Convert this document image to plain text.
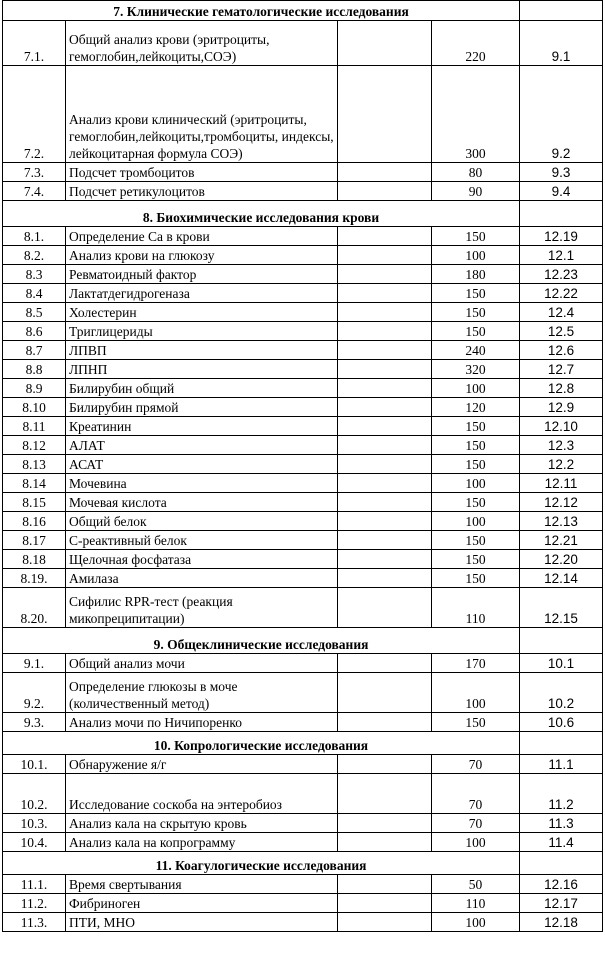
7. Клинические гематологические исследования				
7.1.	Общий анализ крови (эритроциты, гемоглобин,лейкоциты,СОЭ)		220	9.1
7.2.	Анализ крови клинический (эритроциты, гемоглобин,лейкоциты,тромбоциты, индексы, лейкоцитарная формула СОЭ)		300	9.2
7.3.	Подсчет тромбоцитов		80	9.3
7.4.	Подсчет ретикулоцитов		90	9.4
8. Биохимические исследования крови				
8.1.	Определение Са в крови		150	12.19
8.2.	Анализ крови на глюкозу		100	12.1
8.3	Ревматоидный фактор		180	12.23
8.4	Лактатдегидрогеназа		150	12.22
8.5	Холестерин		150	12.4
8.6	Триглицериды		150	12.5
8.7	ЛПВП		240	12.6
8.8	ЛПНП		320	12.7
8.9	Билирубин общий		100	12.8
8.10	Билирубин прямой		120	12.9
8.11	Креатинин		150	12.10
8.12	АЛАТ		150	12.3
8.13	АСАТ		150	12.2
8.14	Мочевина		100	12.11
8.15	Мочевая кислота		150	12.12
8.16	Общий белок		100	12.13
8.17	С-реактивный белок		150	12.21
8.18	Щелочная фосфатаза		150	12.20
8.19.	Амилаза		150	12.14
8.20.	Сифилис RPR-тест (реакция микопреципитации)		110	12.15
9. Общеклинические исследования				
9.1.	Общий анализ мочи		170	10.1
9.2.	Определение глюкозы в моче (количественный метод)		100	10.2
9.3.	Анализ мочи по Ничипоренко		150	10.6
10. Копрологические исследования				
10.1.	Обнаружение я/г		70	11.1
10.2.	Исследование соскоба на энтеробиоз		70	11.2
10.3.	Анализ кала на скрытую кровь		70	11.3
10.4.	Анализ кала на копрограмму		100	11.4
11. Коагулогические исследования				
11.1.	Время свертывания		50	12.16
11.2.	Фибриноген		110	12.17
11.3.	ПТИ, МНО		100	12.18
